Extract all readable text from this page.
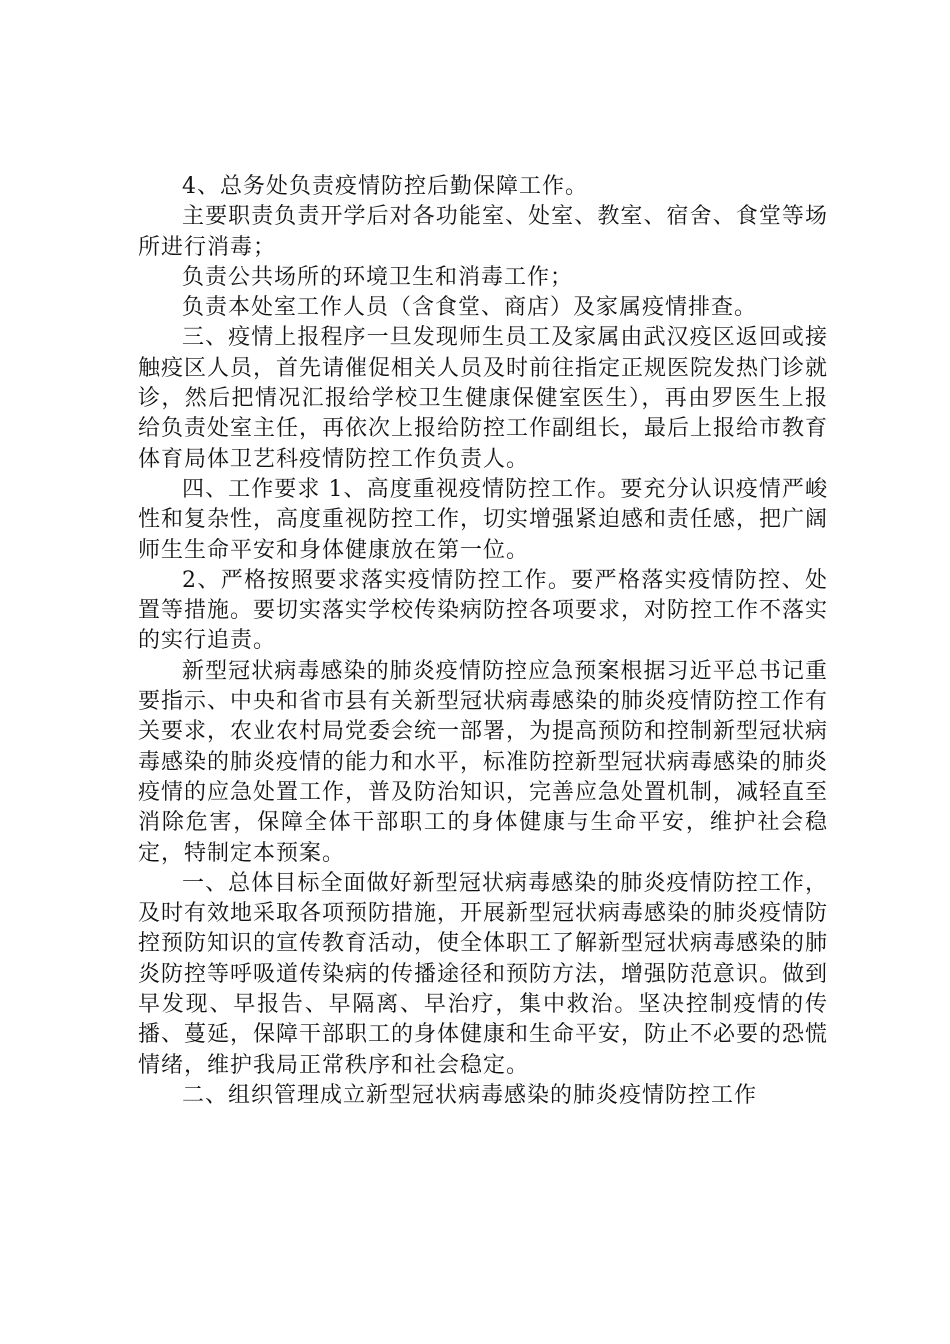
4、总务处负责疫情防控后勤保障工作。

主要职责负责开学后对各功能室、处室、教室、宿舍、食堂等场所进行消毒；

负责公共场所的环境卫生和消毒工作；

负责本处室工作人员（含食堂、商店）及家属疫情排查。

三、疫情上报程序一旦发现师生员工及家属由武汉疫区返回或接触疫区人员，首先请催促相关人员及时前往指定正规医院发热门诊就诊，然后把情况汇报给学校卫生健康保健室医生），再由罗医生上报给负责处室主任，再依次上报给防控工作副组长，最后上报给市教育体育局体卫艺科疫情防控工作负责人。

四、工作要求 1、高度重视疫情防控工作。要充分认识疫情严峻性和复杂性，高度重视防控工作，切实增强紧迫感和责任感，把广阔师生生命平安和身体健康放在第一位。

2、严格按照要求落实疫情防控工作。要严格落实疫情防控、处置等措施。要切实落实学校传染病防控各项要求，对防控工作不落实的实行追责。

新型冠状病毒感染的肺炎疫情防控应急预案根据习近平总书记重要指示、中央和省市县有关新型冠状病毒感染的肺炎疫情防控工作有关要求，农业农村局党委会统一部署，为提高预防和控制新型冠状病毒感染的肺炎疫情的能力和水平，标准防控新型冠状病毒感染的肺炎疫情的应急处置工作，普及防治知识，完善应急处置机制，减轻直至消除危害，保障全体干部职工的身体健康与生命平安，维护社会稳定，特制定本预案。

一、总体目标全面做好新型冠状病毒感染的肺炎疫情防控工作，及时有效地采取各项预防措施，开展新型冠状病毒感染的肺炎疫情防控预防知识的宣传教育活动，使全体职工了解新型冠状病毒感染的肺炎防控等呼吸道传染病的传播途径和预防方法，增强防范意识。做到早发现、早报告、早隔离、早治疗，集中救治。坚决控制疫情的传播、蔓延，保障干部职工的身体健康和生命平安，防止不必要的恐慌情绪，维护我局正常秩序和社会稳定。

二、组织管理成立新型冠状病毒感染的肺炎疫情防控工作
